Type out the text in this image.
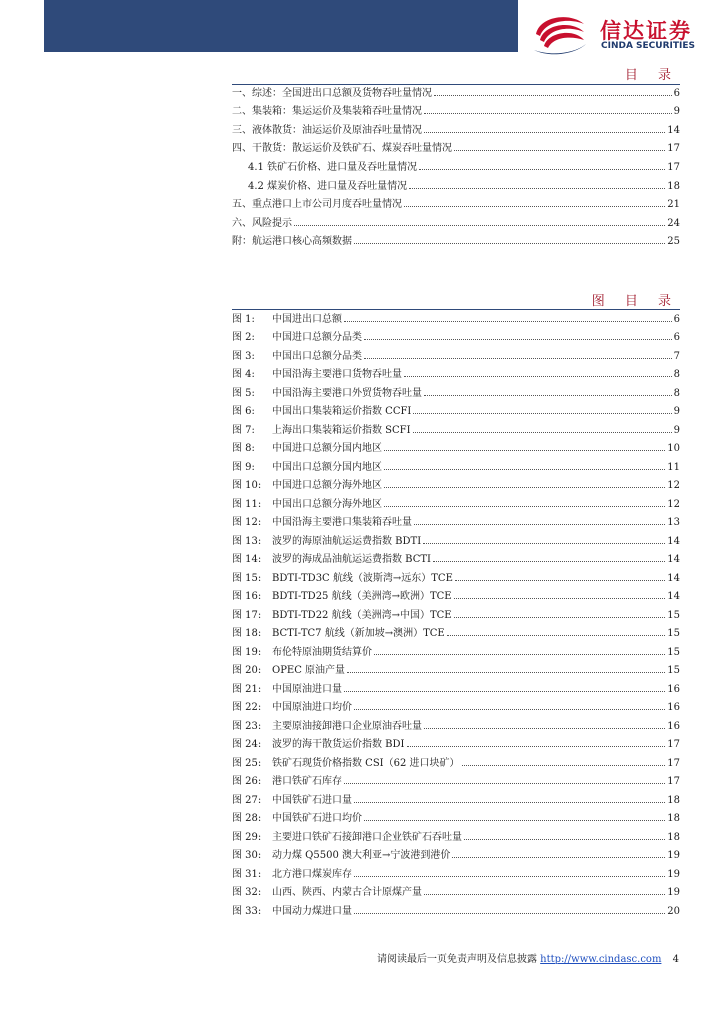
信达证券
CINDA SECURITIES
目 录
一、综述：全国进出口总额及货物吞吐量情况	6
二、集装箱：集运运价及集装箱吞吐量情况	9
三、液体散货：油运运价及原油吞吐量情况	14
四、干散货：散运运价及铁矿石、煤炭吞吐量情况	17
4.1 铁矿石价格、进口量及吞吐量情况	17
4.2 煤炭价格、进口量及吞吐量情况	18
五、重点港口上市公司月度吞吐量情况	21
六、风险提示	24
附：航运港口核心高频数据	25
图 目 录
图 1:	中国进出口总额	6
图 2:	中国进口总额分品类	6
图 3:	中国出口总额分品类	7
图 4:	中国沿海主要港口货物吞吐量	8
图 5:	中国沿海主要港口外贸货物吞吐量	8
图 6:	中国出口集装箱运价指数 CCFI	9
图 7:	上海出口集装箱运价指数 SCFI	9
图 8:	中国进口总额分国内地区	10
图 9:	中国出口总额分国内地区	11
图 10:	中国进口总额分海外地区	12
图 11:	中国出口总额分海外地区	12
图 12:	中国沿海主要港口集装箱吞吐量	13
图 13:	波罗的海原油航运运费指数 BDTI	14
图 14:	波罗的海成品油航运运费指数 BCTI	14
图 15:	BDTI-TD3C 航线（波斯湾→远东）TCE	14
图 16:	BDTI-TD25 航线（美洲湾→欧洲）TCE	14
图 17:	BDTI-TD22 航线（美洲湾→中国）TCE	15
图 18:	BCTI-TC7 航线（新加坡→澳洲）TCE	15
图 19:	布伦特原油期货结算价	15
图 20:	OPEC 原油产量	15
图 21:	中国原油进口量	16
图 22:	中国原油进口均价	16
图 23:	主要原油接卸港口企业原油吞吐量	16
图 24:	波罗的海干散货运价指数 BDI	17
图 25:	铁矿石现货价格指数 CSI（62 进口块矿）	17
图 26:	港口铁矿石库存	17
图 27:	中国铁矿石进口量	18
图 28:	中国铁矿石进口均价	18
图 29:	主要进口铁矿石接卸港口企业铁矿石吞吐量	18
图 30:	动力煤 Q5500 澳大利亚→宁波港到港价	19
图 31:	北方港口煤炭库存	19
图 32:	山西、陕西、内蒙古合计原煤产量	19
图 33:	中国动力煤进口量	20
请阅读最后一页免责声明及信息披露 http://www.cindasc.com 4
